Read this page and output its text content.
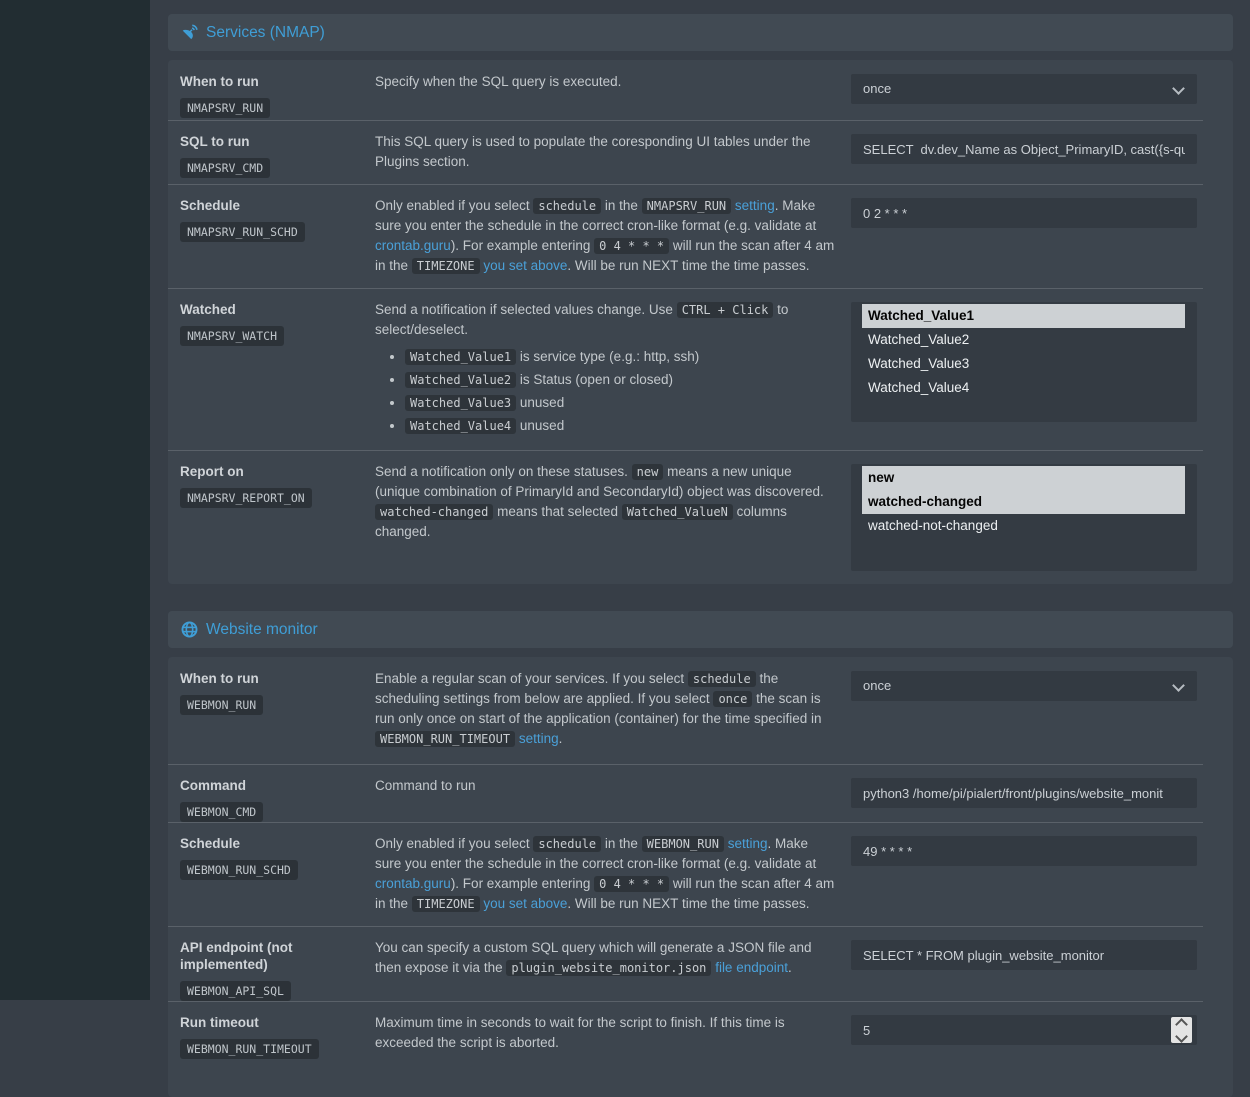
Services (NMAP)
When to run
NMAPSRV_RUN
Specify when the SQL query is executed.	once
SQL to run
NMAPSRV_CMD
This SQL query is used to populate the coresponding UI tables under the Plugins section.
SELECT dv.dev_Name as Object_PrimaryID, cast({s-quote}
Schedule
NMAPSRV_RUN_SCHD
Only enabled if you select schedule in the NMAPSRV_RUN setting. Make sure you enter the schedule in the correct cron-like format (e.g. validate at crontab.guru). For example entering 0 4 * * * will run the scan after 4 am in the TIMEZONE you set above. Will be run NEXT time the time passes.
0 2 * * *
Watched
NMAPSRV_WATCH
Send a notification if selected values change. Use CTRL + Click to select/deselect.
• Watched_Value1 is service type (e.g.: http, ssh)
• Watched_Value2 is Status (open or closed)
• Watched_Value3 unused
• Watched_Value4 unused
Watched_Value1
Watched_Value2
Watched_Value3
Watched_Value4
Report on
NMAPSRV_REPORT_ON
Send a notification only on these statuses. new means a new unique (unique combination of PrimaryId and SecondaryId) object was discovered. watched-changed means that selected Watched_ValueN columns changed.
new
watched-changed
watched-not-changed
Website monitor
When to run
WEBMON_RUN
Enable a regular scan of your services. If you select schedule the scheduling settings from below are applied. If you select once the scan is run only once on start of the application (container) for the time specified in WEBMON_RUN_TIMEOUT setting.
once
Command
WEBMON_CMD
Command to run
python3 /home/pi/pialert/front/plugins/website_monit
Schedule
WEBMON_RUN_SCHD
Only enabled if you select schedule in the WEBMON_RUN setting. Make sure you enter the schedule in the correct cron-like format (e.g. validate at crontab.guru). For example entering 0 4 * * * will run the scan after 4 am in the TIMEZONE you set above. Will be run NEXT time the time passes.
49 * * * *
API endpoint (not implemented)
WEBMON_API_SQL
You can specify a custom SQL query which will generate a JSON file and then expose it via the plugin_website_monitor.json file endpoint.
SELECT * FROM plugin_website_monitor
Run timeout
WEBMON_RUN_TIMEOUT
Maximum time in seconds to wait for the script to finish. If this time is exceeded the script is aborted.
5
